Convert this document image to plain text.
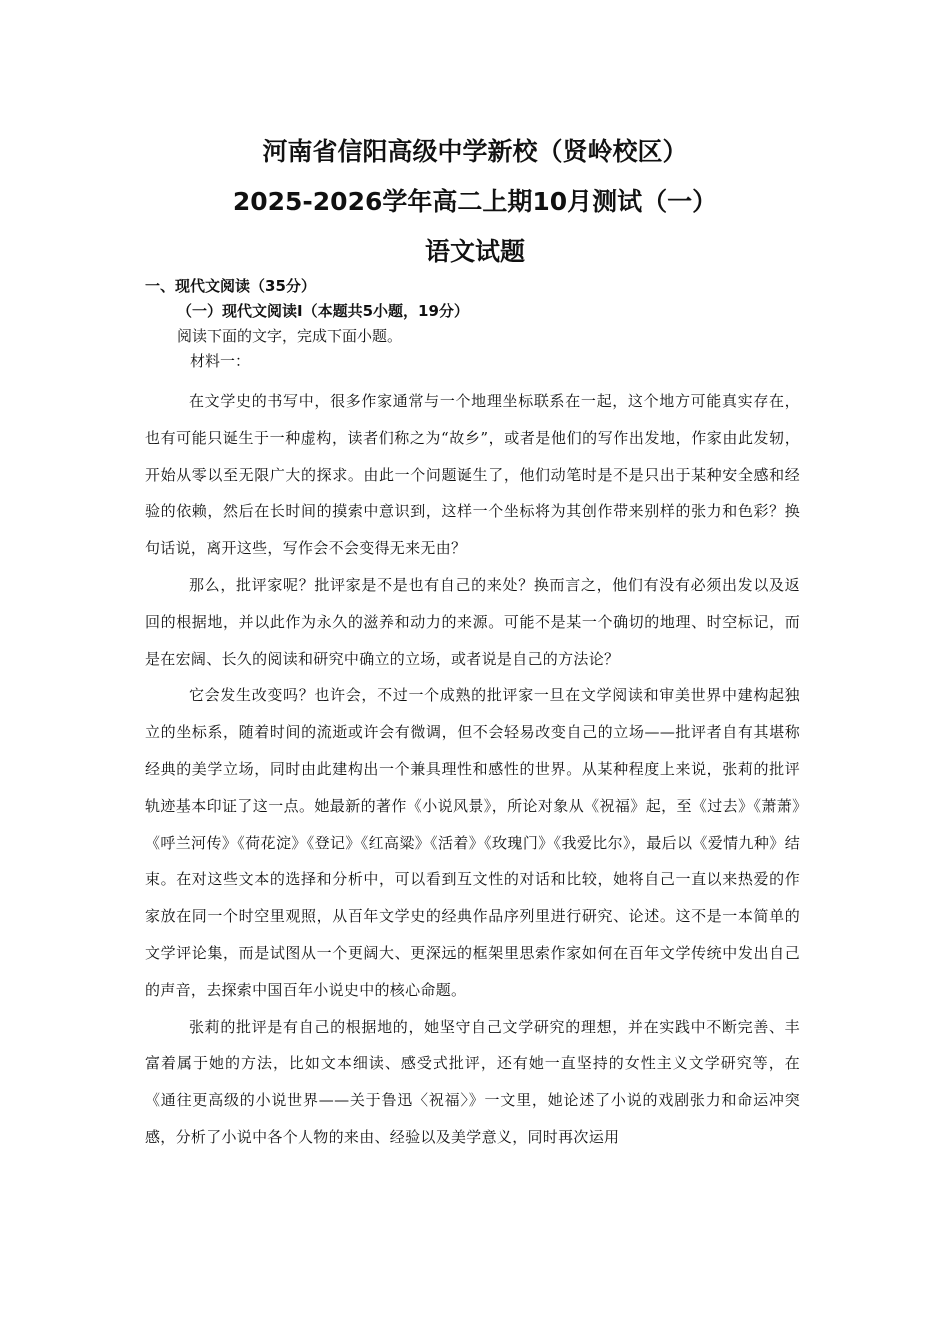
河南省信阳高级中学新校（贤岭校区）
2025-2026学年高二上期10月测试（一）
语文试题
一、现代文阅读（35分）
（一）现代文阅读I（本题共5小题，19分）
阅读下面的文字，完成下面小题。
材料一：

在文学史的书写中，很多作家通常与一个地理坐标联系在一起，这个地方可能真实存在，也有可能只诞生于一种虚构，读者们称之为“故乡”，或者是他们的写作出发地，作家由此发轫，开始从零以至无限广大的探求。由此一个问题诞生了，他们动笔时是不是只出于某种安全感和经验的依赖，然后在长时间的摸索中意识到，这样一个坐标将为其创作带来别样的张力和色彩？换句话说，离开这些，写作会不会变得无来无由？

那么，批评家呢？批评家是不是也有自己的来处？换而言之，他们有没有必须出发以及返回的根据地，并以此作为永久的滋养和动力的来源。可能不是某一个确切的地理、时空标记，而是在宏阔、长久的阅读和研究中确立的立场，或者说是自己的方法论？

它会发生改变吗？也许会，不过一个成熟的批评家一旦在文学阅读和审美世界中建构起独立的坐标系，随着时间的流逝或许会有微调，但不会轻易改变自己的立场——批评者自有其堪称经典的美学立场，同时由此建构出一个兼具理性和感性的世界。从某种程度上来说，张莉的批评轨迹基本印证了这一点。她最新的著作《小说风景》，所论对象从《祝福》起，至《过去》《萧萧》《呼兰河传》《荷花淀》《登记》《红高粱》《活着》《玫瑰门》《我爱比尔》，最后以《爱情九种》结束。在对这些文本的选择和分析中，可以看到互文性的对话和比较，她将自己一直以来热爱的作家放在同一个时空里观照，从百年文学史的经典作品序列里进行研究、论述。这不是一本简单的文学评论集，而是试图从一个更阔大、更深远的框架里思索作家如何在百年文学传统中发出自己的声音，去探索中国百年小说史中的核心命题。

张莉的批评是有自己的根据地的，她坚守自己文学研究的理想，并在实践中不断完善、丰富着属于她的方法，比如文本细读、感受式批评，还有她一直坚持的女性主义文学研究等，在《通往更高级的小说世界——关于鲁迅〈祝福〉》一文里，她论述了小说的戏剧张力和命运冲突感，分析了小说中各个人物的来由、经验以及美学意义，同时再次运用
